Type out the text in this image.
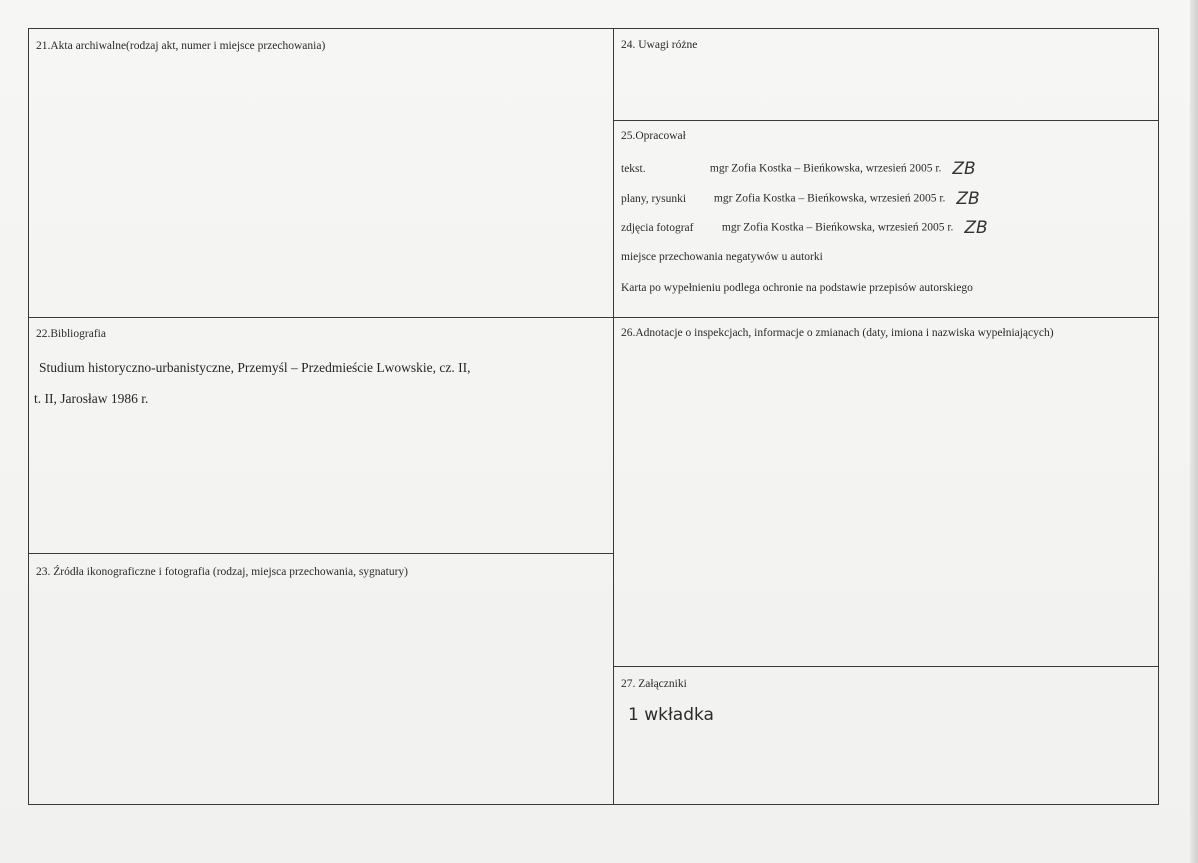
21.Akta archiwalne(rodzaj akt, numer i miejsce przechowania)
22.Bibliografia
Studium historyczno-urbanistyczne, Przemyśl – Przedmieście Lwowskie, cz. II,
t. II, Jarosław 1986 r.
23. Źródła ikonograficzne i fotografia (rodzaj, miejsca przechowania, sygnatury)
24. Uwagi różne
25.Opracował
tekst.	mgr Zofia Kostka – Bieńkowska, wrzesień 2005 r. ZB
plany, rysunki mgr Zofia Kostka – Bieńkowska, wrzesień 2005 r. ZB
zdjęcia fotograf mgr Zofia Kostka – Bieńkowska, wrzesień 2005 r. ZB
miejsce przechowania negatywów u autorki
Karta po wypełnieniu podlega ochronie na podstawie przepisów autorskiego
26.Adnotacje o inspekcjach, informacje o zmianach (daty, imiona i nazwiska wypełniających)
27. Załączniki
1 wkładka
